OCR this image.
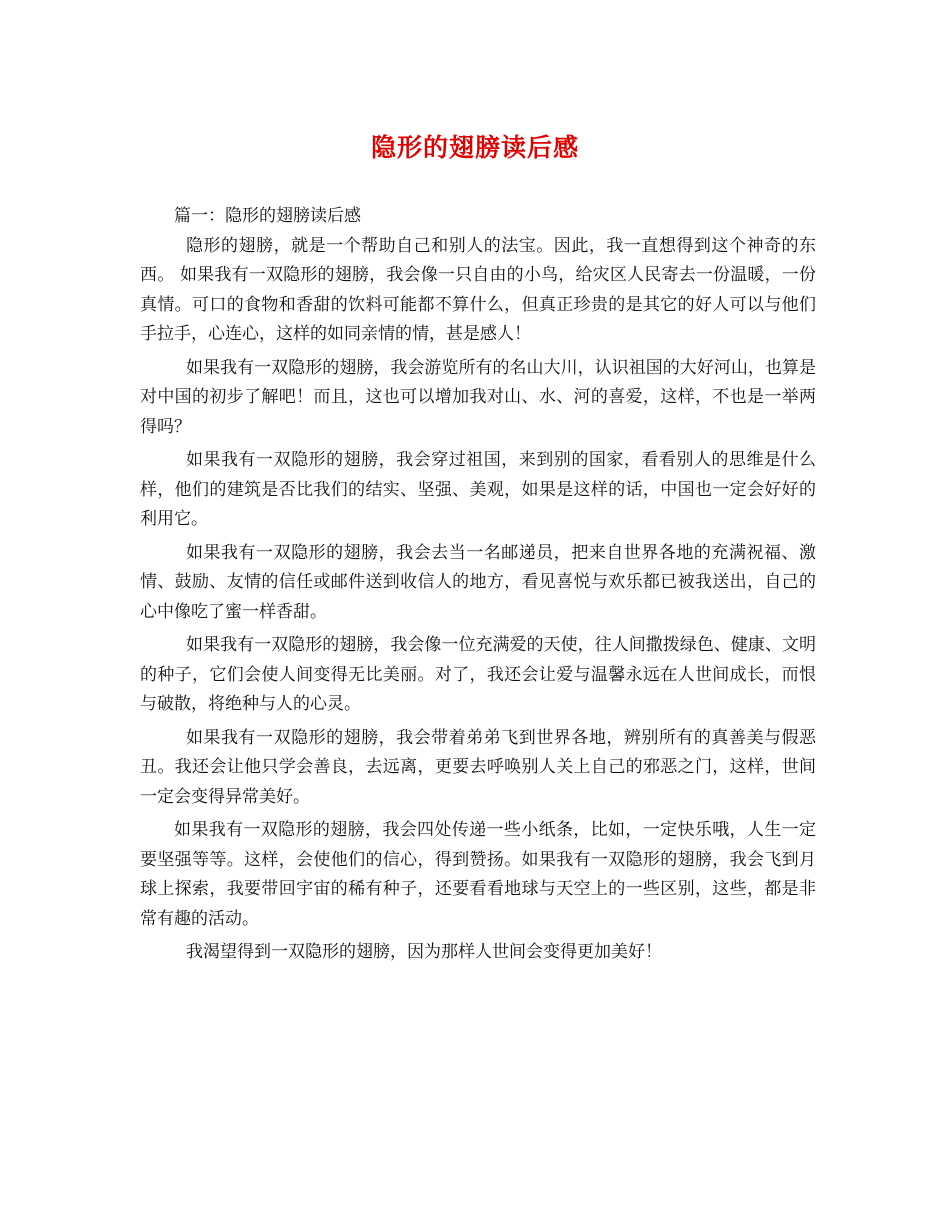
隐形的翅膀读后感

篇一：隐形的翅膀读后感

隐形的翅膀，就是一个帮助自己和别人的法宝。因此，我一直想得到这个神奇的东西。 如果我有一双隐形的翅膀，我会像一只自由的小鸟，给灾区人民寄去一份温暖，一份真情。可口的食物和香甜的饮料可能都不算什么，但真正珍贵的是其它的好人可以与他们手拉手，心连心，这样的如同亲情的情，甚是感人！

如果我有一双隐形的翅膀，我会游览所有的名山大川，认识祖国的大好河山，也算是对中国的初步了解吧！而且，这也可以增加我对山、水、河的喜爱，这样，不也是一举两得吗？

如果我有一双隐形的翅膀，我会穿过祖国，来到别的国家，看看别人的思维是什么样，他们的建筑是否比我们的结实、坚强、美观，如果是这样的话，中国也一定会好好的利用它。

如果我有一双隐形的翅膀，我会去当一名邮递员，把来自世界各地的充满祝福、激情、鼓励、友情的信任或邮件送到收信人的地方，看见喜悦与欢乐都已被我送出，自己的心中像吃了蜜一样香甜。

如果我有一双隐形的翅膀，我会像一位充满爱的天使，往人间撒拨绿色、健康、文明的种子，它们会使人间变得无比美丽。对了，我还会让爱与温馨永远在人世间成长，而恨与破散，将绝种与人的心灵。

如果我有一双隐形的翅膀，我会带着弟弟飞到世界各地，辨别所有的真善美与假恶丑。我还会让他只学会善良，去远离，更要去呼唤别人关上自己的邪恶之门，这样，世间一定会变得异常美好。

如果我有一双隐形的翅膀，我会四处传递一些小纸条，比如，一定快乐哦，人生一定要坚强等等。这样，会使他们的信心，得到赞扬。如果我有一双隐形的翅膀，我会飞到月球上探索，我要带回宇宙的稀有种子，还要看看地球与天空上的一些区别，这些，都是非常有趣的活动。

我渴望得到一双隐形的翅膀，因为那样人世间会变得更加美好！
